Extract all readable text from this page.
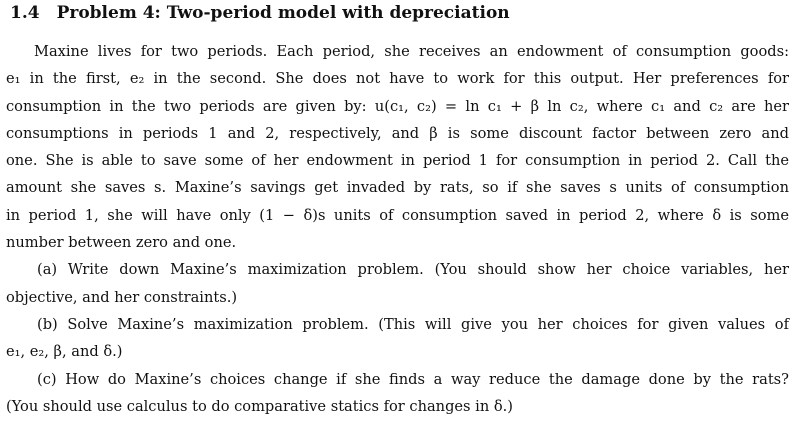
1.4 Problem 4: Two-period model with depreciation
Maxine lives for two periods. Each period, she receives an endowment of consumption goods:
e₁ in the first, e₂ in the second. She does not have to work for this output. Her preferences for
consumption in the two periods are given by: u(c₁, c₂) = ln c₁ + β ln c₂, where c₁ and c₂ are her
consumptions in periods 1 and 2, respectively, and β is some discount factor between zero and
one. She is able to save some of her endowment in period 1 for consumption in period 2. Call the
amount she saves s. Maxine’s savings get invaded by rats, so if she saves s units of consumption
in period 1, she will have only (1 − δ)s units of consumption saved in period 2, where δ is some
number between zero and one.
(a) Write down Maxine’s maximization problem. (You should show her choice variables, her
objective, and her constraints.)
(b) Solve Maxine’s maximization problem. (This will give you her choices for given values of
e₁, e₂, β, and δ.)
(c) How do Maxine’s choices change if she finds a way reduce the damage done by the rats?
(You should use calculus to do comparative statics for changes in δ.)
